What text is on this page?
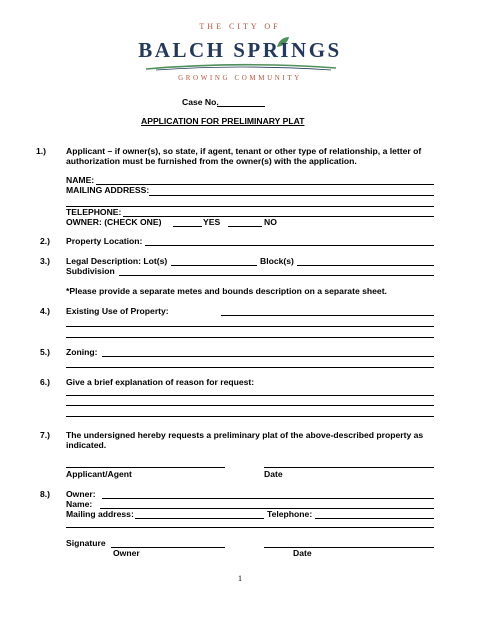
THE CITY OF
BALCH SPRINGS
GROWING COMMUNITY
Case No.
APPLICATION FOR PRELIMINARY PLAT
1.) Applicant – if owner(s), so state, if agent, tenant or other type of relationship, a letter of
authorization must be furnished from the owner(s) with the application.
NAME:
MAILING ADDRESS:
TELEPHONE:
OWNER: (CHECK ONE)	YES	NO
2.) Property Location:
3.) Legal Description: Lot(s)	Block(s)
Subdivision
*Please provide a separate metes and bounds description on a separate sheet.
4.) Existing Use of Property:
5.) Zoning:
6.) Give a brief explanation of reason for request:
7.) The undersigned hereby requests a preliminary plat of the above-described property as
indicated.
Applicant/Agent	Date
8.) Owner:
Name:
Mailing address:	Telephone:
Signature
Owner	Date
1
